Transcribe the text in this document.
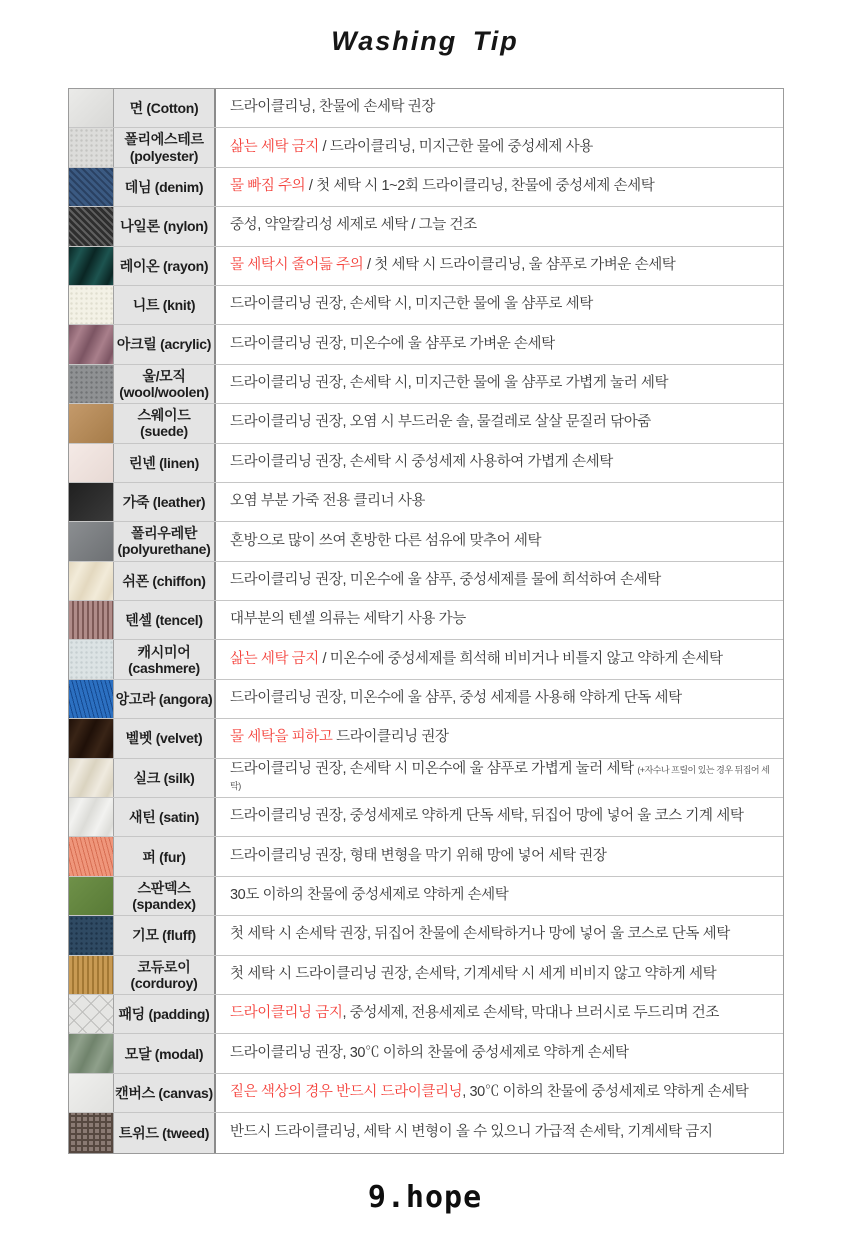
Washing Tip
면 (Cotton) 드라이클리닝, 찬물에 손세탁 권장
폴리에스테르
(polyester)
삶는 세탁 금지 / 드라이클리닝, 미지근한 물에 중성세제 사용
데님 (denim) 물 빠짐 주의 / 첫 세탁 시 1~2회 드라이클리닝, 찬물에 중성세제 손세탁
나일론 (nylon) 중성, 약알칼리성 세제로 세탁 / 그늘 건조
레이온 (rayon) 물 세탁시 줄어듦 주의 / 첫 세탁 시 드라이클리닝, 울 샴푸로 가벼운 손세탁
니트 (knit) 드라이클리닝 권장, 손세탁 시, 미지근한 물에 울 샴푸로 세탁
아크릴 (acrylic) 드라이클리닝 권장, 미온수에 울 샴푸로 가벼운 손세탁
울/모직
(wool/woolen)
드라이클리닝 권장, 손세탁 시, 미지근한 물에 울 샴푸로 가볍게 눌러 세탁
스웨이드
(suede)
드라이클리닝 권장, 오염 시 부드러운 솔, 물걸레로 살살 문질러 닦아줌
린넨 (linen) 드라이클리닝 권장, 손세탁 시 중성세제 사용하여 가볍게 손세탁
가죽 (leather) 오염 부분 가죽 전용 클리너 사용
폴리우레탄
(polyurethane)
혼방으로 많이 쓰여 혼방한 다른 섬유에 맞추어 세탁
쉬폰 (chiffon) 드라이클리닝 권장, 미온수에 울 샴푸, 중성세제를 물에 희석하여 손세탁
텐셀 (tencel) 대부분의 텐셀 의류는 세탁기 사용 가능
캐시미어
(cashmere)
삶는 세탁 금지 / 미온수에 중성세제를 희석해 비비거나 비틀지 않고 약하게 손세탁
앙고라 (angora) 드라이클리닝 권장, 미온수에 울 샴푸, 중성 세제를 사용해 약하게 단독 세탁
벨벳 (velvet) 물 세탁을 피하고 드라이클리닝 권장
실크 (silk)
드라이클리닝 권장, 손세탁 시 미온수에 울 샴푸로 가볍게 눌러 세탁 (+자수나 프릴이 있는 경우 뒤집어 세탁)
새틴 (satin) 드라이클리닝 권장, 중성세제로 약하게 단독 세탁, 뒤집어 망에 넣어 울 코스 기계 세탁
퍼 (fur)	드라이클리닝 권장, 형태 변형을 막기 위해 망에 넣어 세탁 권장
스판덱스
(spandex)
30도 이하의 찬물에 중성세제로 약하게 손세탁
기모 (fluff) 첫 세탁 시 손세탁 권장, 뒤집어 찬물에 손세탁하거나 망에 넣어 울 코스로 단독 세탁
코듀로이
(corduroy)
첫 세탁 시 드라이클리닝 권장, 손세탁, 기계세탁 시 세게 비비지 않고 약하게 세탁
패딩 (padding) 드라이클리닝 금지, 중성세제, 전용세제로 손세탁, 막대나 브러시로 두드리며 건조
모달 (modal) 드라이클리닝 권장, 30℃ 이하의 찬물에 중성세제로 약하게 손세탁
캔버스 (canvas) 짙은 색상의 경우 반드시 드라이클리닝, 30℃ 이하의 찬물에 중성세제로 약하게 손세탁
트위드 (tweed) 반드시 드라이클리닝, 세탁 시 변형이 올 수 있으니 가급적 손세탁, 기계세탁 금지
9.hope
